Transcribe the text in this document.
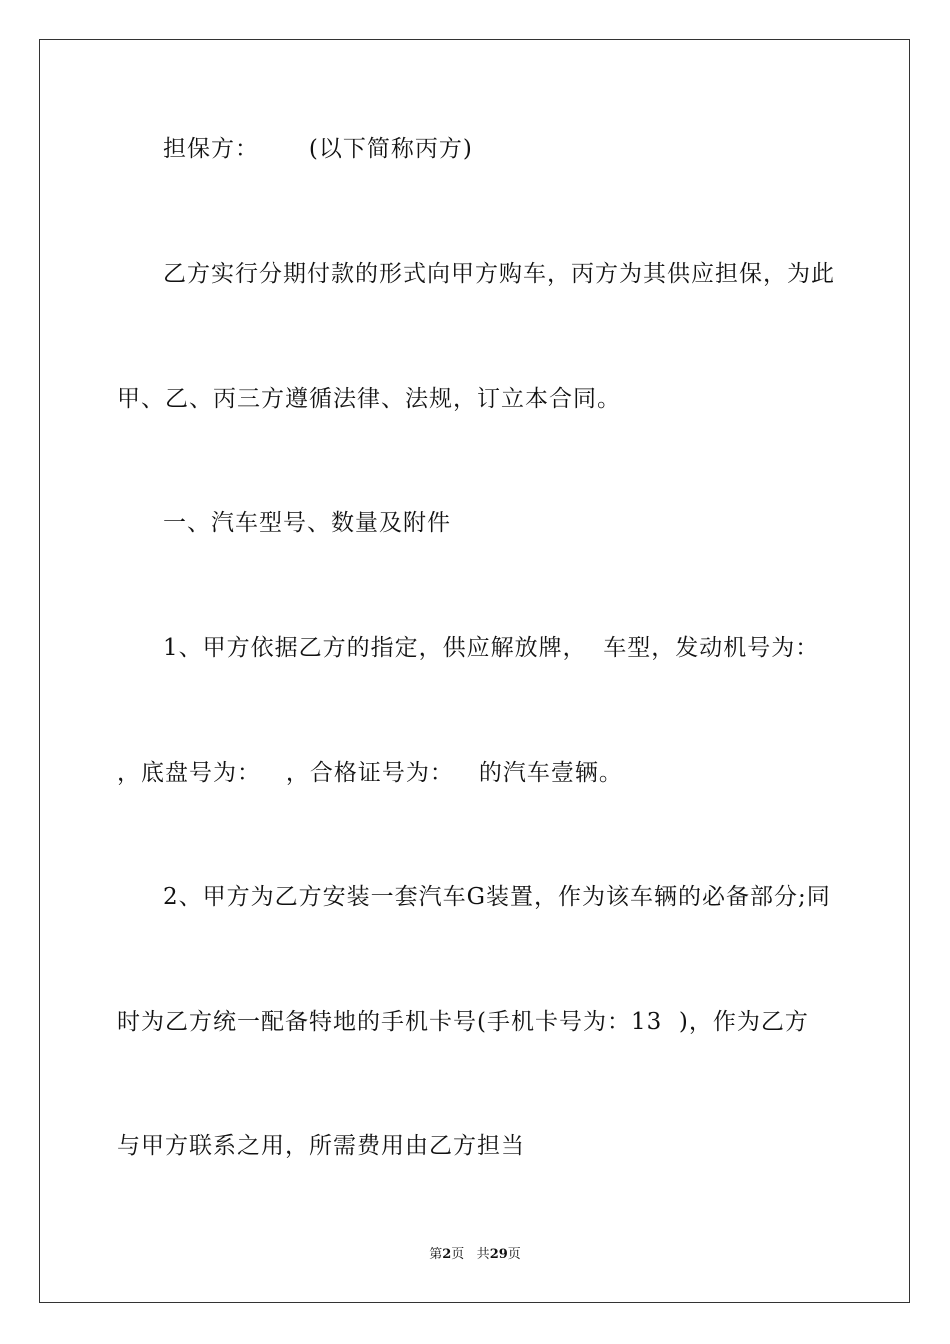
担保方：      (以下简称丙方)
乙方实行分期付款的形式向甲方购车，丙方为其供应担保，为此
甲、乙、丙三方遵循法律、法规，订立本合同。
一、汽车型号、数量及附件
1、甲方依据乙方的指定，供应解放牌，  车型，发动机号为：
，底盘号为：   ，合格证号为：   的汽车壹辆。
2、甲方为乙方安装一套汽车G装置，作为该车辆的必备部分;同
时为乙方统一配备特地的手机卡号(手机卡号为：13  )，作为乙方
与甲方联系之用，所需费用由乙方担当
第2页 共29页
